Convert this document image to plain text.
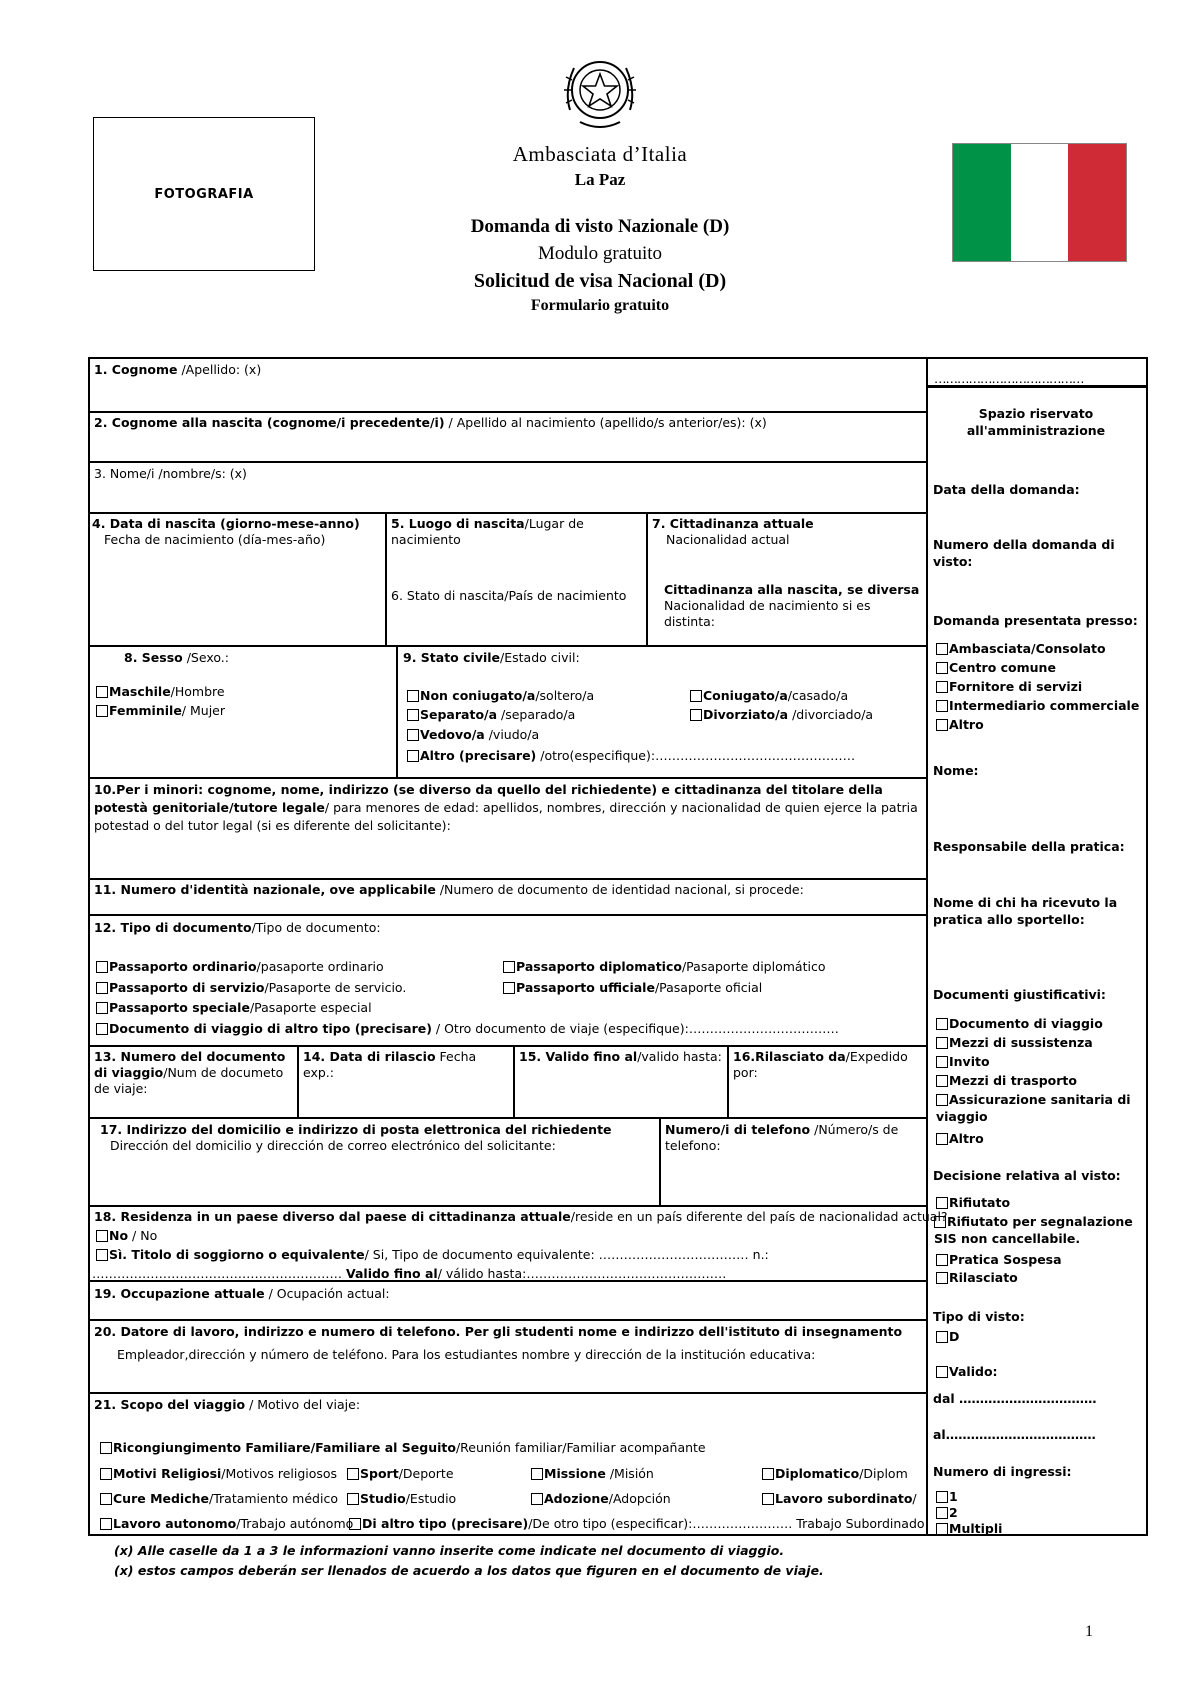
FOTOGRAFIA
Ambasciata d’Italia
La Paz
Domanda di visto Nazionale (D)
Modulo gratuito
Solicitud de visa Nacional (D)
Formulario gratuito
1. Cognome /Apellido: (x)
2. Cognome alla nascita (cognome/i precedente/i) / Apellido al nacimiento (apellido/s anterior/es): (x)
3. Nome/i /nombre/s: (x)
4. Data di nascita (giorno-mese-anno)
Fecha de nacimiento (día-mes-año)
5. Luogo di nascita/Lugar de nacimiento
6. Stato di nascita/País de nacimiento
7. Cittadinanza attuale
Nacionalidad actual
Cittadinanza alla nascita, se diversa
Nacionalidad de nacimiento si es distinta:
8. Sesso /Sexo.:
Maschile/Hombre
Femminile/ Mujer
9. Stato civile/Estado civil:
Non coniugato/a/soltero/a	Coniugato/a/casado/a
Separato/a /separado/a	Divorziato/a /divorciado/a
Vedovo/a /viudo/a
Altro (precisare) /otro(especifique):…………………………………………
10.Per i minori: cognome, nome, indirizzo (se diverso da quello del richiedente) e cittadinanza del titolare della potestà genitoriale/tutore legale/ para menores de edad: apellidos, nombres, dirección y nacionalidad de quien ejerce la patria potestad o del tutor legal (si es diferente del solicitante):
11. Numero d'identità nazionale, ove applicabile /Numero de documento de identidad nacional, si procede:
12. Tipo di documento/Tipo de documento:
Passaporto ordinario/pasaporte ordinario	Passaporto diplomatico/Pasaporte diplomático
Passaporto di servizio/Pasaporte de servicio.	Passaporto ufficiale/Pasaporte oficial
Passaporto speciale/Pasaporte especial
Documento di viaggio di altro tipo (precisare) / Otro documento de viaje (especifique):………………………………
13. Numero del documento di viaggio/Num de documeto de viaje:
14. Data di rilascio Fecha exp.:
15. Valido fino al/valido hasta: 16.Rilasciato da/Expedido por:
17. Indirizzo del domicilio e indirizzo di posta elettronica del richiedente
Dirección del domicilio y dirección de correo electrónico del solicitante:
Numero/i di telefono /Número/s de telefono:
18. Residenza in un paese diverso dal paese di cittadinanza attuale/reside en un país diferente del país de nacionalidad actual?
No / No
Sì. Titolo di soggiorno o equivalente/ Si, Tipo de documento equivalente: ……………………………… n.:
…………………………………………………… Valido fino al/ válido hasta:…………………………………………
19. Occupazione attuale / Ocupación actual:
20. Datore di lavoro, indirizzo e numero di telefono. Per gli studenti nome e indirizzo dell'istituto di insegnamento
Empleador,dirección y número de teléfono. Para los estudiantes nombre y dirección de la institución educativa:
21. Scopo del viaggio / Motivo del viaje:
Ricongiungimento Familiare/Familiare al Seguito/Reunión familiar/Familiar acompañante
Motivi Religiosi/Motivos religiosos	Sport/Deporte	Missione /Misión	Diplomatico/Diplom
Cure Mediche/Tratamiento médico	Studio/Estudio	Adozione/Adopción	Lavoro subordinato/
Lavoro autonomo/Trabajo autónomo Di altro tipo (precisare)/De otro tipo (especificar):…………………… Trabajo Subordinado
…………………………………
Spazio riservato all'amministrazione
Data della domanda:
Numero della domanda di visto:
Domanda presentata presso:
Ambasciata/Consolato
Centro comune
Fornitore di servizi
Intermediario commerciale
Altro
Nome:
Responsabile della pratica:
Nome di chi ha ricevuto la pratica allo sportello:
Documenti giustificativi:
Documento di viaggio
Mezzi di sussistenza
Invito
Mezzi di trasporto
Assicurazione sanitaria di viaggio
Altro
Decisione relativa al visto:
Rifiutato
Rifiutato per segnalazione SIS non cancellabile.
Pratica Sospesa
Rilasciato
Tipo di visto:
D
Valido:
dal ……………………………
al………………………………
Numero di ingressi:
1
2
Multipli
(x) Alle caselle da 1 a 3 le informazioni vanno inserite come indicate nel documento di viaggio.
(x) estos campos deberán ser llenados de acuerdo a los datos que figuren en el documento de viaje.
1
